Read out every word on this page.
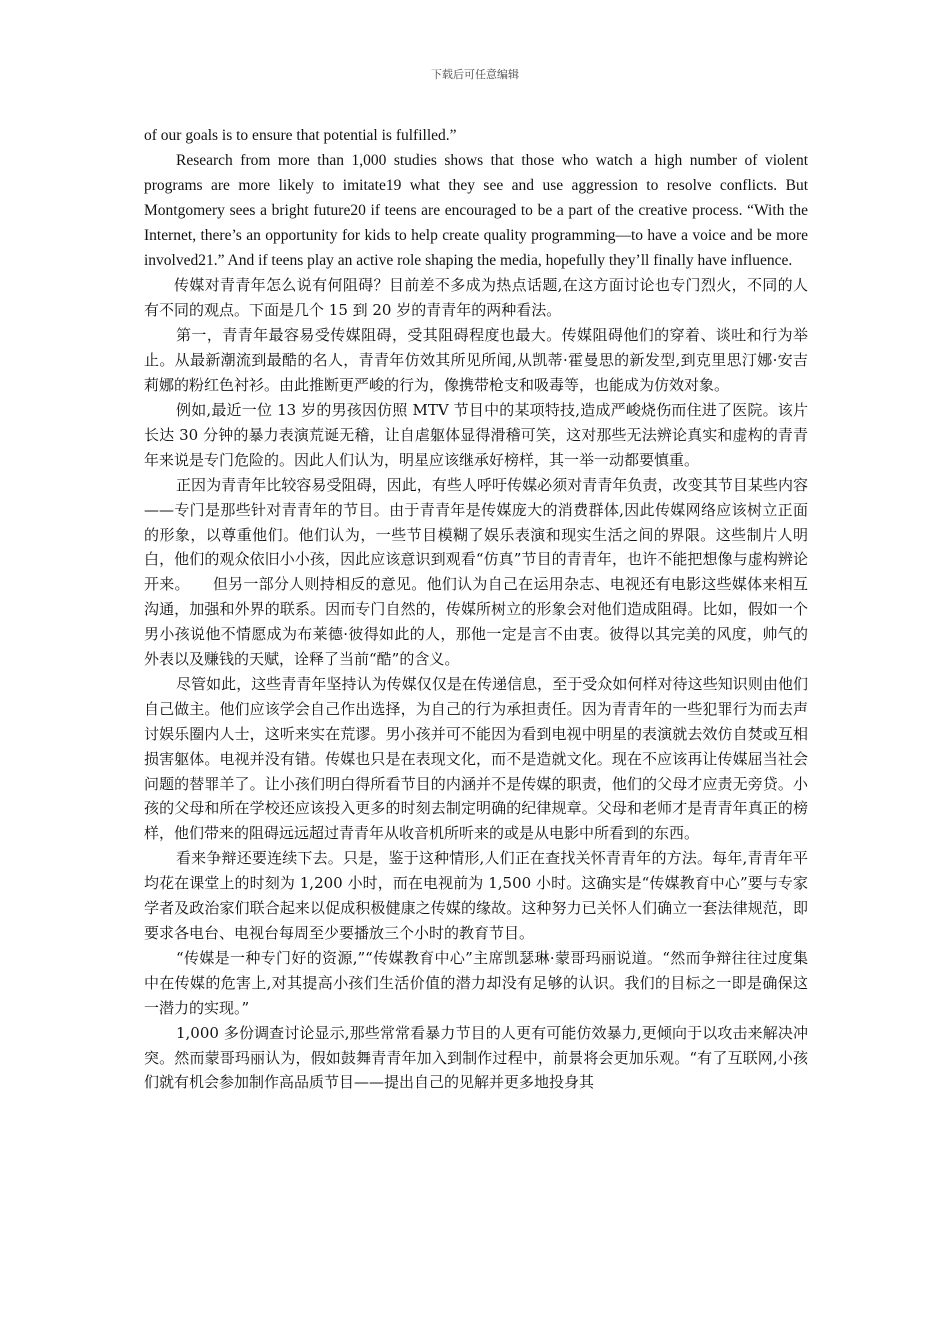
下载后可任意编辑

of our goals is to ensure that potential is fulfilled.”

Research from more than 1,000 studies shows that those who watch a high number of violent programs are more likely to imitate19 what they see and use aggression to resolve conflicts. But Montgomery sees a bright future20 if teens are encouraged to be a part of the creative process. “With the Internet, there’s an opportunity for kids to help create quality programming—to have a voice and be more involved21.” And if teens play an active role shaping the media, hopefully they’ll finally have influence.

传媒对青青年怎么说有何阻碍？目前差不多成为热点话题,在这方面讨论也专门烈火，不同的人有不同的观点。下面是几个 15 到 20 岁的青青年的两种看法。

第一，青青年最容易受传媒阻碍，受其阻碍程度也最大。传媒阻碍他们的穿着、谈吐和行为举止。从最新潮流到最酷的名人，青青年仿效其所见所闻,从凯蒂·霍曼思的新发型,到克里思汀娜·安吉莉娜的粉红色衬衫。由此推断更严峻的行为，像携带枪支和吸毒等，也能成为仿效对象。

例如,最近一位 13 岁的男孩因仿照 MTV 节目中的某项特技,造成严峻烧伤而住进了医院。该片长达 30 分钟的暴力表演荒诞无稽，让自虐躯体显得滑稽可笑，这对那些无法辨论真实和虚构的青青年来说是专门危险的。因此人们认为，明星应该继承好榜样，其一举一动都要慎重。

正因为青青年比较容易受阻碍，因此，有些人呼吁传媒必须对青青年负责，改变其节目某些内容——专门是那些针对青青年的节目。由于青青年是传媒庞大的消费群体,因此传媒网络应该树立正面的形象，以尊重他们。他们认为，一些节目模糊了娱乐表演和现实生活之间的界限。这些制片人明白，他们的观众依旧小小孩，因此应该意识到观看“仿真”节目的青青年，也许不能把想像与虚构辨论开来。　　但另一部分人则持相反的意见。他们认为自己在运用杂志、电视还有电影这些媒体来相互沟通，加强和外界的联系。因而专门自然的，传媒所树立的形象会对他们造成阻碍。比如，假如一个男小孩说他不情愿成为布莱德·彼得如此的人，那他一定是言不由衷。彼得以其完美的风度，帅气的外表以及赚钱的天赋，诠释了当前“酷”的含义。

尽管如此，这些青青年坚持认为传媒仅仅是在传递信息，至于受众如何样对待这些知识则由他们自己做主。他们应该学会自己作出选择，为自己的行为承担责任。因为青青年的一些犯罪行为而去声讨娱乐圈内人士，这听来实在荒谬。男小孩并可不能因为看到电视中明星的表演就去效仿自焚或互相损害躯体。电视并没有错。传媒也只是在表现文化，而不是造就文化。现在不应该再让传媒屈当社会问题的替罪羊了。让小孩们明白得所看节目的内涵并不是传媒的职责，他们的父母才应责无旁贷。小孩的父母和所在学校还应该投入更多的时刻去制定明确的纪律规章。父母和老师才是青青年真正的榜样，他们带来的阻碍远远超过青青年从收音机所听来的或是从电影中所看到的东西。

看来争辩还要连续下去。只是，鉴于这种情形,人们正在查找关怀青青年的方法。每年,青青年平均花在课堂上的时刻为 1,200 小时，而在电视前为 1,500 小时。这确实是“传媒教育中心”要与专家学者及政治家们联合起来以促成积极健康之传媒的缘故。这种努力已关怀人们确立一套法律规范，即要求各电台、电视台每周至少要播放三个小时的教育节目。

“传媒是一种专门好的资源,”“传媒教育中心”主席凯瑟琳·蒙哥玛丽说道。“然而争辩往往过度集中在传媒的危害上,对其提高小孩们生活价值的潜力却没有足够的认识。我们的目标之一即是确保这一潜力的实现。”

1,000 多份调查讨论显示,那些常常看暴力节目的人更有可能仿效暴力,更倾向于以攻击来解决冲突。然而蒙哥玛丽认为，假如鼓舞青青年加入到制作过程中，前景将会更加乐观。“有了互联网,小孩们就有机会参加制作高品质节目——提出自己的见解并更多地投身其
